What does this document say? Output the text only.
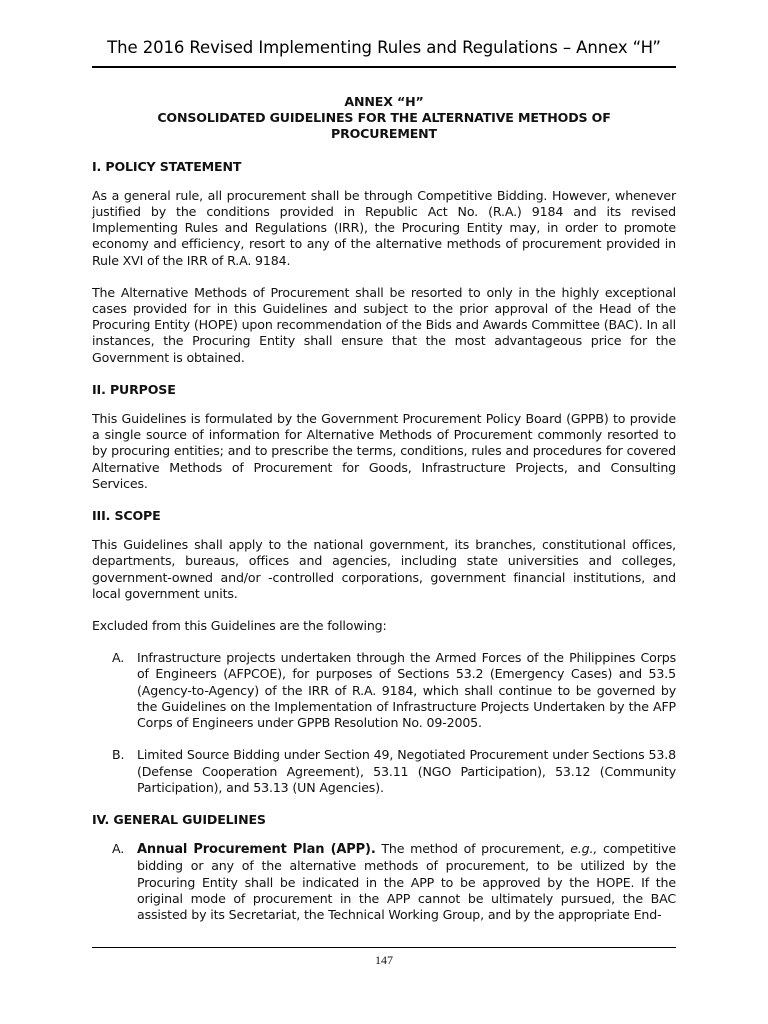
The 2016 Revised Implementing Rules and Regulations – Annex “H”
ANNEX “H”
CONSOLIDATED GUIDELINES FOR THE ALTERNATIVE METHODS OF
PROCUREMENT
I. POLICY STATEMENT

As a general rule, all procurement shall be through Competitive Bidding. However, whenever justified by the conditions provided in Republic Act No. (R.A.) 9184 and its revised Implementing Rules and Regulations (IRR), the Procuring Entity may, in order to promote economy and efficiency, resort to any of the alternative methods of procurement provided in Rule XVI of the IRR of R.A. 9184.

The Alternative Methods of Procurement shall be resorted to only in the highly exceptional cases provided for in this Guidelines and subject to the prior approval of the Head of the Procuring Entity (HOPE) upon recommendation of the Bids and Awards Committee (BAC). In all instances, the Procuring Entity shall ensure that the most advantageous price for the Government is obtained.

II. PURPOSE

This Guidelines is formulated by the Government Procurement Policy Board (GPPB) to provide a single source of information for Alternative Methods of Procurement commonly resorted to by procuring entities; and to prescribe the terms, conditions, rules and procedures for covered Alternative Methods of Procurement for Goods, Infrastructure Projects, and Consulting Services.

III. SCOPE

This Guidelines shall apply to the national government, its branches, constitutional offices, departments, bureaus, offices and agencies, including state universities and colleges, government-owned and/or -controlled corporations, government financial institutions, and local government units.

Excluded from this Guidelines are the following:

A.	Infrastructure projects undertaken through the Armed Forces of the Philippines Corps of Engineers (AFPCOE), for purposes of Sections 53.2 (Emergency Cases) and 53.5 (Agency-to-Agency) of the IRR of R.A. 9184, which shall continue to be governed by the Guidelines on the Implementation of Infrastructure Projects Undertaken by the AFP Corps of Engineers under GPPB Resolution No. 09-2005.
B.	Limited Source Bidding under Section 49, Negotiated Procurement under Sections 53.8 (Defense Cooperation Agreement), 53.11 (NGO Participation), 53.12 (Community Participation), and 53.13 (UN Agencies).
IV. GENERAL GUIDELINES
A. Annual Procurement Plan (APP). The method of procurement, e.g., competitive bidding or any of the alternative methods of procurement, to be utilized by the Procuring Entity shall be indicated in the APP to be approved by the HOPE. If the original mode of procurement in the APP cannot be ultimately pursued, the BAC assisted by its Secretariat, the Technical Working Group, and by the appropriate End-
147
